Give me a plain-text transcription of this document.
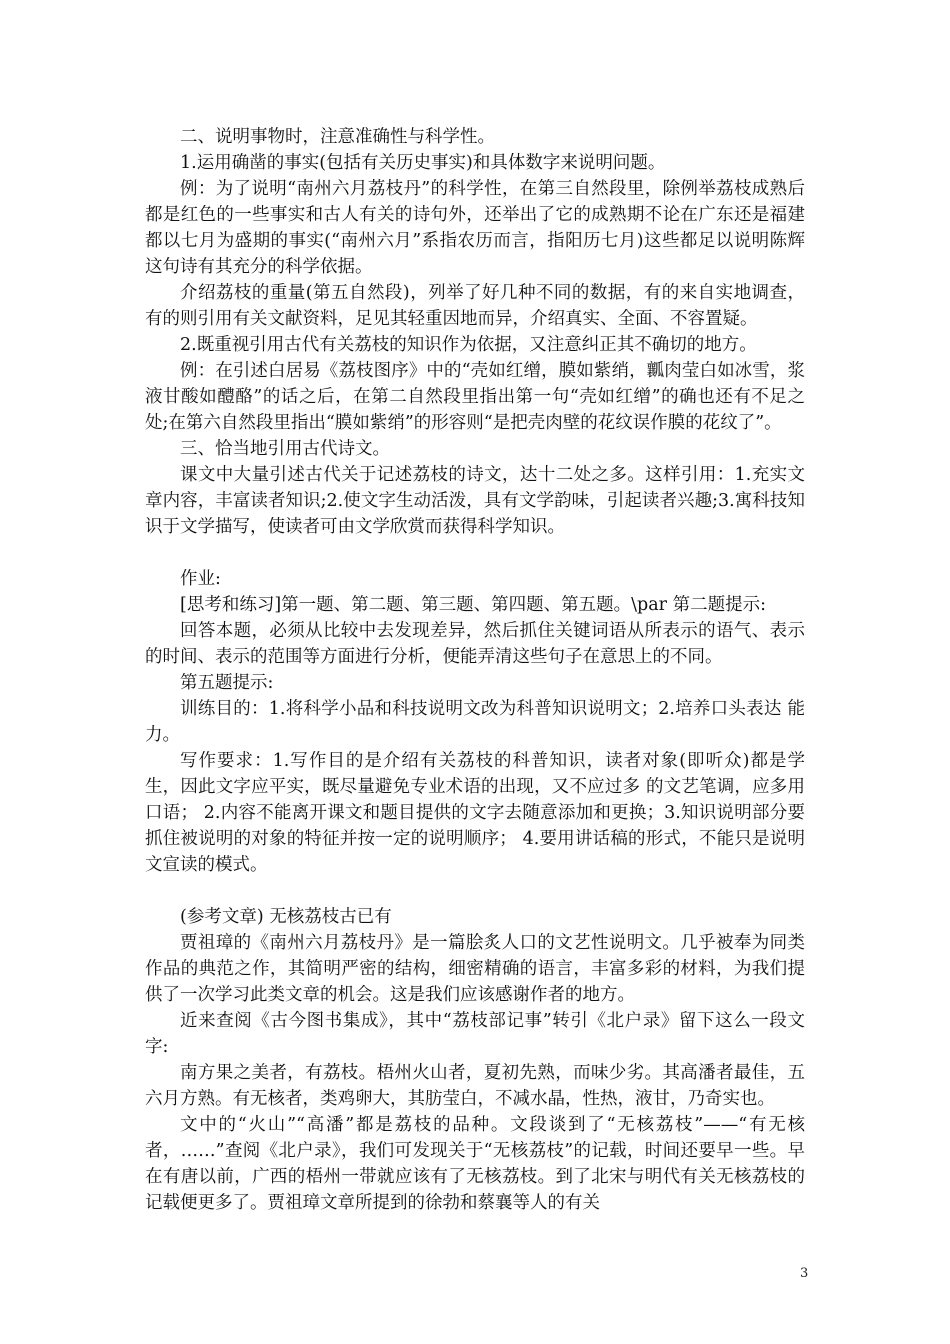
二、说明事物时，注意准确性与科学性。

1.运用确凿的事实(包括有关历史事实)和具体数字来说明问题。

例：为了说明“南州六月荔枝丹”的科学性，在第三自然段里，除例举荔枝成熟后都是红色的一些事实和古人有关的诗句外，还举出了它的成熟期不论在广东还是福建都以七月为盛期的事实(“南州六月”系指农历而言，指阳历七月)这些都足以说明陈辉这句诗有其充分的科学依据。

介绍荔枝的重量(第五自然段)，列举了好几种不同的数据，有的来自实地调查，有的则引用有关文献资料，足见其轻重因地而异，介绍真实、全面、不容置疑。

2.既重视引用古代有关荔枝的知识作为依据，又注意纠正其不确切的地方。

例：在引述白居易《荔枝图序》中的“壳如红缯，膜如紫绡，瓤肉莹白如冰雪，浆液甘酸如醴酪”的话之后，在第二自然段里指出第一句“壳如红缯”的确也还有不足之处;在第六自然段里指出“膜如紫绡”的形容则“是把壳肉壁的花纹误作膜的花纹了”。

三、恰当地引用古代诗文。

课文中大量引述古代关于记述荔枝的诗文，达十二处之多。这样引用：1.充实文章内容，丰富读者知识;2.使文字生动活泼，具有文学韵味，引起读者兴趣;3.寓科技知识于文学描写，使读者可由文学欣赏而获得科学知识。

作业:

[思考和练习]第一题、第二题、第三题、第四题、第五题。\par 第二题提示:

回答本题，必须从比较中去发现差异，然后抓住关键词语从所表示的语气、表示的时间、表示的范围等方面进行分析，便能弄清这些句子在意思上的不同。

第五题提示:

训练目的：1.将科学小品和科技说明文改为科普知识说明文；2.培养口头表达 能力。

写作要求：1.写作目的是介绍有关荔枝的科普知识，读者对象(即听众)都是学 生，因此文字应平实，既尽量避免专业术语的出现，又不应过多 的文艺笔调，应多用口语； 2.内容不能离开课文和题目提供的文字去随意添加和更换；3.知识说明部分要抓住被说明的对象的特征并按一定的说明顺序； 4.要用讲话稿的形式，不能只是说明文宣读的模式。

(参考文章) 无核荔枝古已有

贾祖璋的《南州六月荔枝丹》是一篇脍炙人口的文艺性说明文。几乎被奉为同类作品的典范之作，其简明严密的结构，细密精确的语言，丰富多彩的材料，为我们提供了一次学习此类文章的机会。这是我们应该感谢作者的地方。

近来查阅《古今图书集成》，其中“荔枝部记事”转引《北户录》留下这么一段文字:

南方果之美者，有荔枝。梧州火山者，夏初先熟，而味少劣。其高潘者最佳，五六月方熟。有无核者，类鸡卵大，其肪莹白，不减水晶，性热，液甘，乃奇实也。

文中的“火山”“高潘”都是荔枝的品种。文段谈到了“无核荔枝”——“有无核者，……”查阅《北户录》，我们可发现关于“无核荔枝”的记载，时间还要早一些。早在有唐以前，广西的梧州一带就应该有了无核荔枝。到了北宋与明代有关无核荔枝的记载便更多了。贾祖璋文章所提到的徐勃和蔡襄等人的有关

3
